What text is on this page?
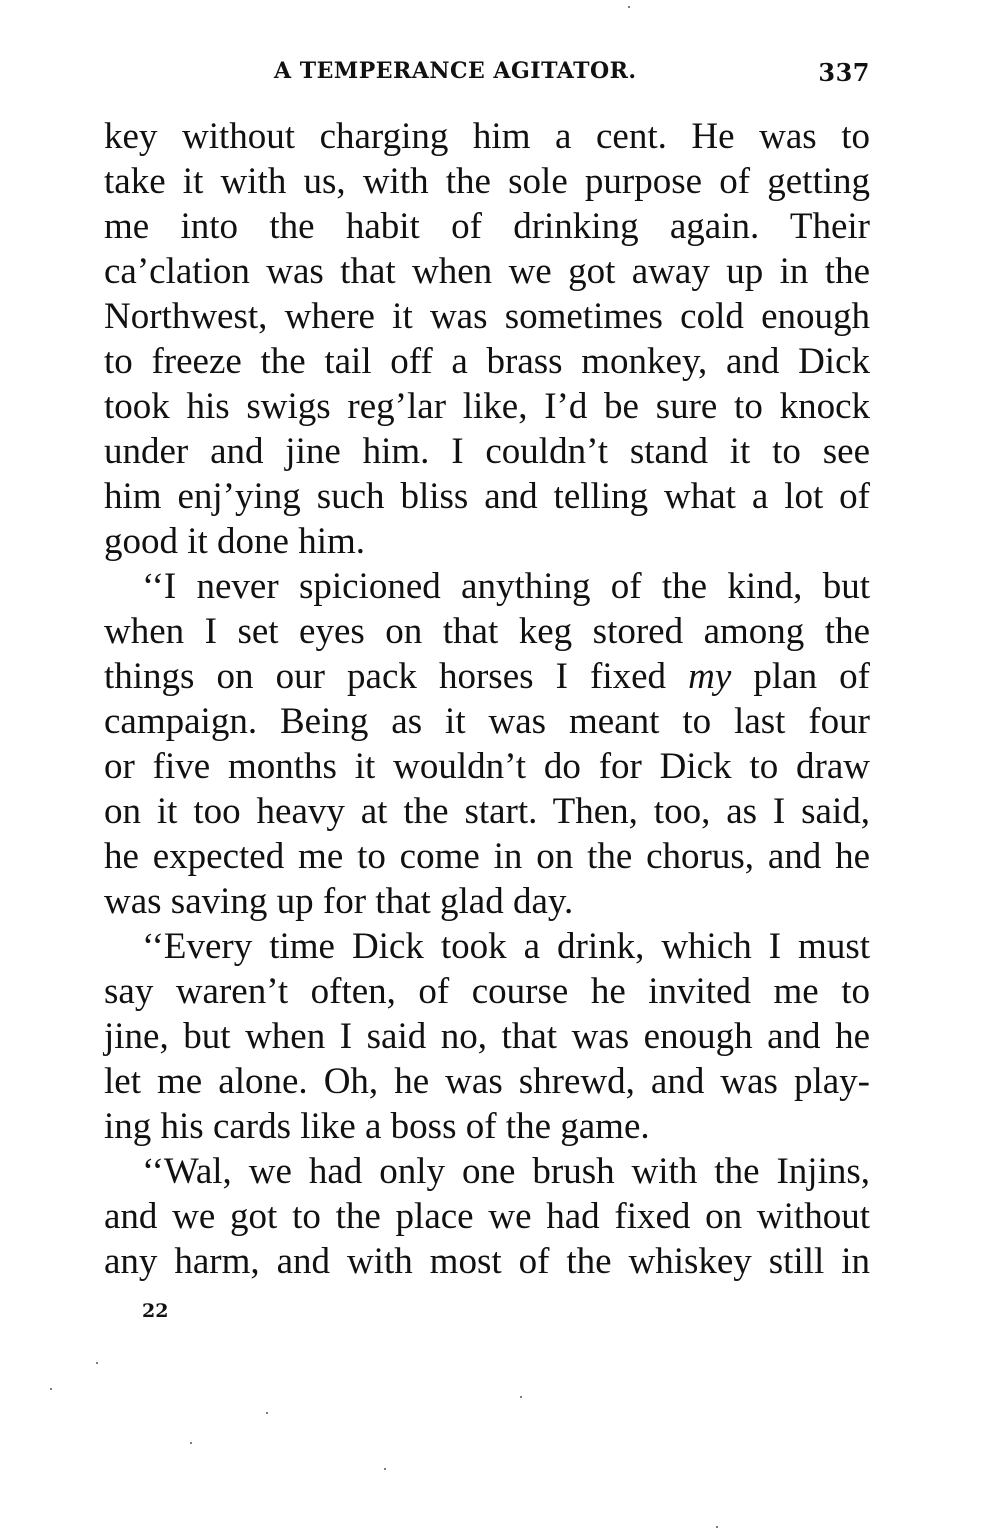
A TEMPERANCE AGITATOR.	337
key without charging him a cent. He was to
take it with us, with the sole purpose of getting
me into the habit of drinking again. Their
ca’clation was that when we got away up in the
Northwest, where it was sometimes cold enough
to freeze the tail off a brass monkey, and Dick
took his swigs reg’lar like, I’d be sure to knock
under and jine him. I couldn’t stand it to see
him enj’ying such bliss and telling what a lot of
good it done him.
‘‘I never spicioned anything of the kind, but
when I set eyes on that keg stored among the
things on our pack horses I fixed my plan of
campaign. Being as it was meant to last four
or five months it wouldn’t do for Dick to draw
on it too heavy at the start. Then, too, as I said,
he expected me to come in on the chorus, and he
was saving up for that glad day.
‘‘Every time Dick took a drink, which I must
say waren’t often, of course he invited me to
jine, but when I said no, that was enough and he
let me alone. Oh, he was shrewd, and was play-
ing his cards like a boss of the game.
‘‘Wal, we had only one brush with the Injins,
and we got to the place we had fixed on without
any harm, and with most of the whiskey still in
22
